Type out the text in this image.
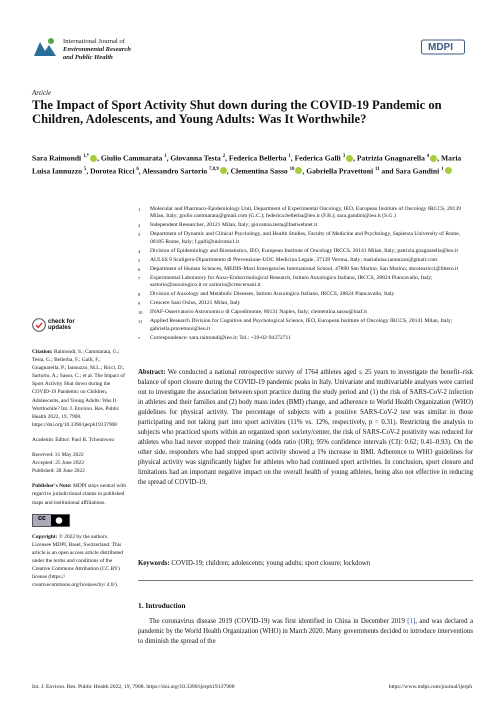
International Journal of
Environmental Research
and Public Health
MDPI
Article
The Impact of Sport Activity Shut down during the COVID-19 Pandemic on Children, Adolescents, and Young Adults: Was It Worthwhile?
Sara Raimondi $^{1,*}$ , Giulio Cammarata $^1$, Giovanna Testa $^2$, Federica Bellerba $^1$, Federica Galli $^3$ , Patrizia Gnagnarella $^4$ , Maria Luisa Iannuzzo $^5$, Dorotea Ricci $^6$, Alessandro Sartorio $^{7,8,9}$ , Clementina Sasso $^{10}$ , Gabriella Pravettoni $^{11}$ and Sara Gandini $^1$
1 Molecular and Pharmaco-Epidemiology Unit, Department of Experimental Oncology, IEO, European Institute of Oncology IRCCS, 20139 Milan, Italy; giulio.cammarata@gmail.com (G.C.); federica.bellerba@ieo.it (F.B.); sara.gandini@ieo.it (S.G.)
2 Independent Researcher, 20121 Milan, Italy; giovanna.testa@fastwebnet.it
3 Department of Dynamic and Clinical Psychology, and Health Studies, Faculty of Medicine and Psychology, Sapienza University of Rome, 00185 Rome, Italy; f.galli@uniroma1.it
4 Division of Epidemiology and Biostatistics, IEO, European Institute of Oncology IRCCS, 20141 Milan, Italy; patrizia.gnagnarella@ieo.it
5 AULSS 9 Scaligera-Dipartimento di Prevenzione-UOC Medicina Legale, 37139 Verona, Italy; marialuisa.iannuzzo@gmail.com
6 Department of Human Sciences, MEDIS-Maxi Emergencies International School, 47890 San Marino, San Marino; dorotearicci@libero.it
7 Experimental Laboratory for Auxo-Endocrinological Research, Istituto Auxologico Italiano, IRCCS, 28824 Piancavallo, Italy; sartorio@auxologico.it or sartorio@crescersani.it
8 Division of Auxology and Metabolic Diseases, Istituto Auxologico Italiano, IRCCS, 28824 Piancavallo, Italy
9 Crescere Sani Onlus, 20121 Milan, Italy
10 INAF-Osservatorio Astronomico di Capodimonte, 80131 Naples, Italy; clementina.sasso@inaf.it
11 Applied Research Division for Cognitive and Psychological Science, IEO, European Institute of Oncology IRCCS, 20141 Milan, Italy; gabriella.pravettoni@ieo.it
* Correspondence: sara.raimondi@ieo.it; Tel.: +39-02-94372711
check for
updates
Citation: Raimondi, S.; Cammarata, G.; Testa, G.; Bellerba, F.; Galli, F.; Gnagnarella, P.; Iannuzzo, M.L.; Ricci, D.; Sartorio, A.; Sasso, C.; et al. The Impact of Sport Activity Shut down during the COVID-19 Pandemic on Children, Adolescents, and Young Adults: Was It Worthwhile? Int. J. Environ. Res. Public Health 2022, 19, 7908. https://doi.org/10.3390/ijerph19137908
Academic Editor: Paul B. Tchounwou
Received: 31 May 2022
Accepted: 25 June 2022
Published: 28 June 2022
Publisher's Note: MDPI stays neutral with regard to jurisdictional claims in published maps and institutional affiliations.
cc
Copyright: © 2022 by the authors. Licensee MDPI, Basel, Switzerland. This article is an open access article distributed under the terms and conditions of the Creative Commons Attribution (CC BY) license (https:// creativecommons.org/licenses/by/ 4.0/).
Abstract: We conducted a national retrospective survey of 1764 athletes aged ≤ 25 years to investigate the benefit–risk balance of sport closure during the COVID-19 pandemic peaks in Italy. Univariate and multivariable analyses were carried out to investigate the association between sport practice during the study period and (1) the risk of SARS-CoV-2 infection in athletes and their families and (2) body mass index (BMI) change, and adherence to World Health Organization (WHO) guidelines for physical activity. The percentage of subjects with a positive SARS-CoV-2 test was similar in those participating and not taking part into sport activities (11% vs. 12%, respectively, p = 0.31). Restricting the analysis to subjects who practiced sports within an organized sport society/center, the risk of SARS-CoV-2 positivity was reduced for athletes who had never stopped their training (odds ratio (OR); 95% confidence intervals (CI): 0.62; 0.41–0.93). On the other side, responders who had stopped sport activity showed a 1% increase in BMI. Adherence to WHO guidelines for physical activity was significantly higher for athletes who had continued sport activities. In conclusion, sport closure and limitations had an important negative impact on the overall health of young athletes, being also not effective in reducing the spread of COVID-19.
Keywords: COVID-19; children; adolescents; young adults; sport closure; lockdown
1. Introduction
The coronavirus disease 2019 (COVID-19) was first identified in China in December 2019 [1], and was declared a pandemic by the World Health Organization (WHO) in March 2020. Many governments decided to introduce interventions to diminish the spread of the
Int. J. Environ. Res. Public Health 2022, 19, 7908. https://doi.org/10.3390/ijerph19137908	https://www.mdpi.com/journal/ijerph
